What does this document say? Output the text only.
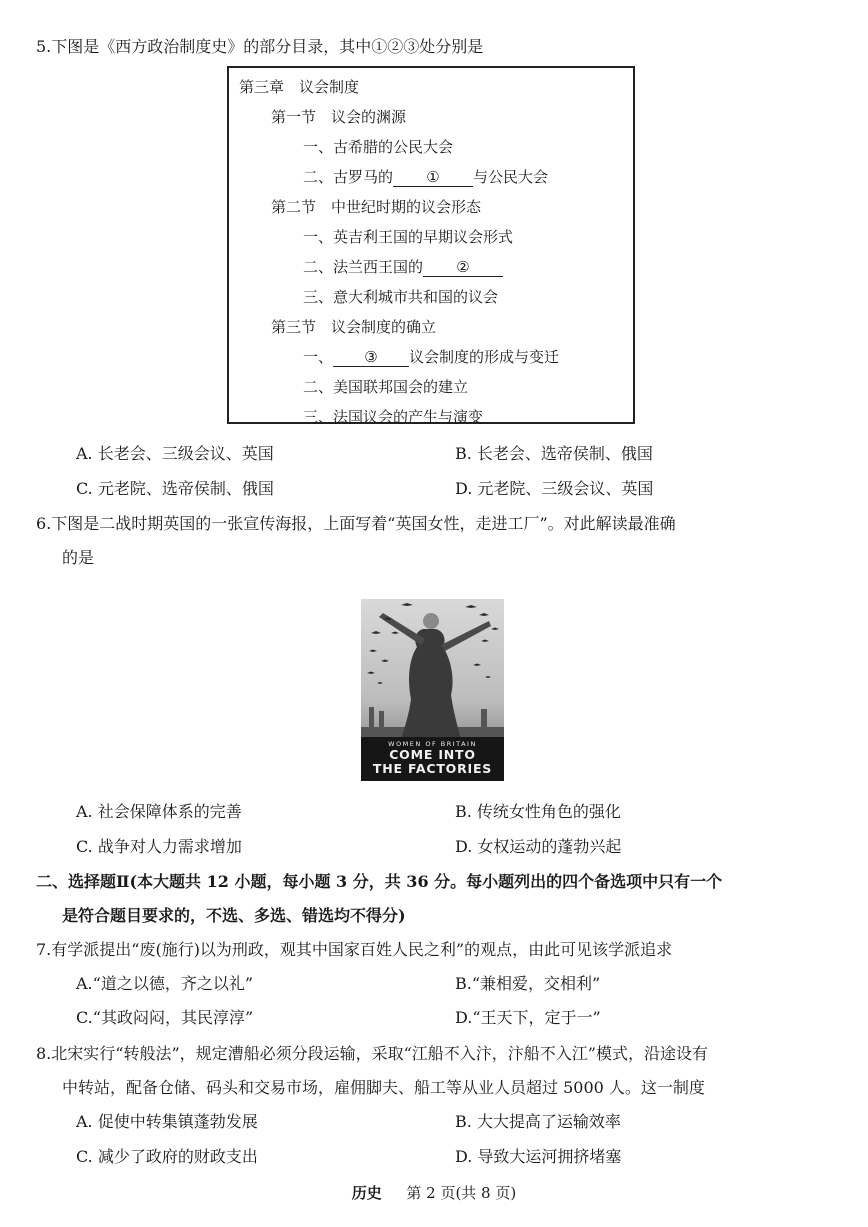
5.下图是《西方政治制度史》的部分目录，其中①②③处分别是
第三章　议会制度
第一节　议会的渊源
一、古希腊的公民大会
二、古罗马的 ① 与公民大会
第二节　中世纪时期的议会形态
一、英吉利王国的早期议会形式
二、法兰西王国的 ②
三、意大利城市共和国的议会
第三节　议会制度的确立
一、 ③ 议会制度的形成与变迁
二、美国联邦国会的建立
三、法国议会的产生与演变
A. 长老会、三级会议、英国	B. 长老会、选帝侯制、俄国
C. 元老院、选帝侯制、俄国	D. 元老院、三级会议、英国
6.下图是二战时期英国的一张宣传海报，上面写着“英国女性，走进工厂”。对此解读最准确
的是
WOMEN OF BRITAIN
COME INTO
THE FACTORIES
A. 社会保障体系的完善	B. 传统女性角色的强化
C. 战争对人力需求增加	D. 女权运动的蓬勃兴起
二、选择题Ⅱ(本大题共 12 小题，每小题 3 分，共 36 分。每小题列出的四个备选项中只有一个
是符合题目要求的，不选、多选、错选均不得分)
7.有学派提出“废(施行)以为刑政，观其中国家百姓人民之利”的观点，由此可见该学派追求
A.“道之以德，齐之以礼”	B.“兼相爱，交相利”
C.“其政闷闷，其民淳淳”	D.“王天下，定于一”
8.北宋实行“转般法”，规定漕船必须分段运输，采取“江船不入汴，汴船不入江”模式，沿途设有
中转站，配备仓储、码头和交易市场，雇佣脚夫、船工等从业人员超过 5000 人。这一制度
A. 促使中转集镇蓬勃发展	B. 大大提高了运输效率
C. 减少了政府的财政支出	D. 导致大运河拥挤堵塞
历史 　 第 2 页(共 8 页)
